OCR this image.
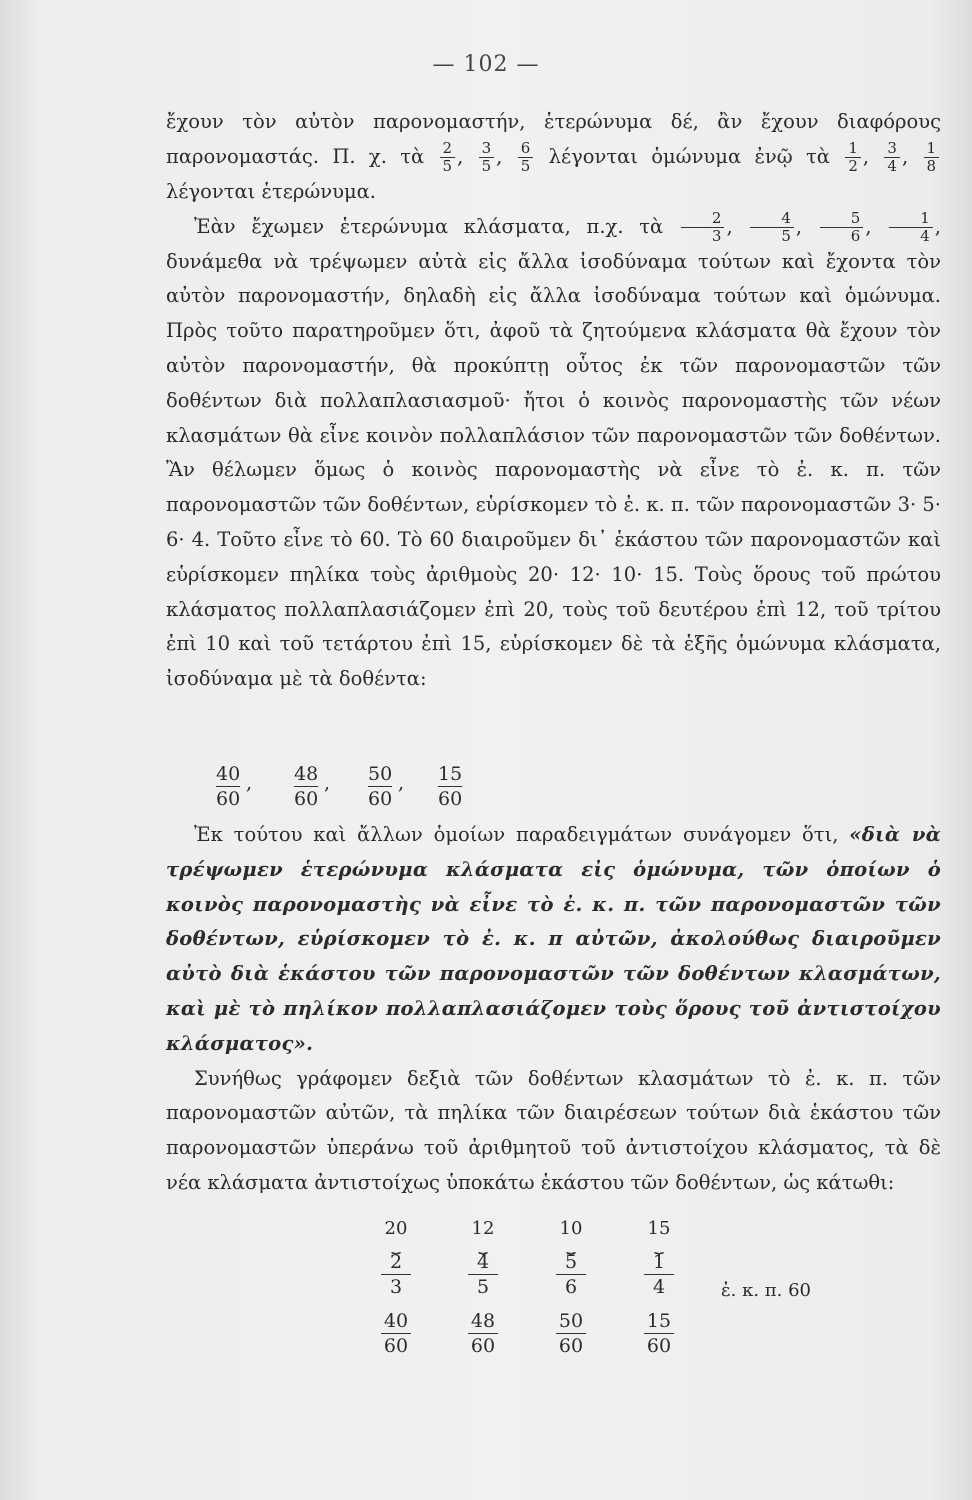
— 102 —

ἔχουν τὸν αὐτὸν παρονομαστήν, ἑτερώνυμα δέ, ἂν ἔχουν διαφόρους παρονομαστάς. Π. χ. τὰ $\frac{2}{5}$ , $\frac{3}{5}$ , $\frac{6}{5}$ λέγονται ὁμώνυμα ἐνῷ τὰ $\frac{1}{2}$ , $\frac{3}{4}$ , $\frac{1}{8}$
λέγονται ἑτερώνυμα.

Ἐὰν ἔχωμεν ἑτερώνυμα κλάσματα, π.χ. τὰ $\frac{2}{3}$ , $\frac{4}{5}$ , $\frac{5}{6}$ , $\frac{1}{4}$ , δυνάμεθα νὰ τρέψωμεν αὐτὰ εἰς ἄλλα ἰσοδύναμα τούτων καὶ ἔχοντα τὸν αὐτὸν παρονομαστήν, δηλαδὴ εἰς ἄλλα ἰσοδύναμα τούτων καὶ ὁμώνυμα. Πρὸς τοῦτο παρατηροῦμεν ὅτι, ἀφοῦ τὰ ζητούμενα κλάσματα θὰ ἔχουν τὸν αὐτὸν παρονομαστήν, θὰ προκύπτῃ οὗτος ἐκ τῶν παρονομαστῶν τῶν δοθέντων διὰ πολλαπλασιασμοῦ· ἤτοι ὁ κοινὸς παρονομαστὴς τῶν νέων κλασμάτων θὰ εἶνε κοινὸν πολλαπλάσιον τῶν παρονομαστῶν τῶν δοθέντων. Ἂν θέλωμεν ὅμως ὁ κοινὸς παρονομαστὴς νὰ εἶνε τὸ ἐ. κ. π. τῶν παρονομαστῶν τῶν δοθέντων, εὑρίσκομεν τὸ ἐ. κ. π. τῶν παρονομαστῶν 3· 5· 6· 4. Τοῦτο εἶνε τὸ 60. Τὸ 60 διαιροῦμεν δι᾽ ἑκάστου τῶν παρονομαστῶν καὶ εὑρίσκομεν πηλίκα τοὺς ἀριθμοὺς 20· 12· 10· 15. Τοὺς ὅρους τοῦ πρώτου κλάσματος πολλαπλασιάζομεν ἐπὶ 20, τοὺς τοῦ δευτέρου ἐπὶ 12, τοῦ τρίτου ἐπὶ 10 καὶ τοῦ τετάρτου ἐπὶ 15, εὑρίσκομεν δὲ τὰ ἑξῆς ὁμώνυμα κλάσματα, ἰσοδύναμα μὲ τὰ δοθέντα:

$\frac{40}{60}$ , $\frac{48}{60}$ , $\frac{50}{60}$ , $\frac{15}{60}$

Ἐκ τούτου καὶ ἄλλων ὁμοίων παραδειγμάτων συνάγομεν ὅτι, «διὰ νὰ τρέψωμεν ἑτερώνυμα κλάσματα εἰς ὁμώνυμα, τῶν ὁποίων ὁ κοινὸς παρονομαστὴς νὰ εἶνε τὸ ἐ. κ. π. τῶν παρονομαστῶν τῶν δοθέντων, εὑρίσκομεν τὸ ἐ. κ. π αὐτῶν, ἀκολούθως διαιροῦμεν αὐτὸ διὰ ἑκάστου τῶν παρονομαστῶν τῶν δοθέντων κλασμάτων, καὶ μὲ τὸ πηλίκον πολλαπλασιάζομεν τοὺς ὅρους τοῦ ἀντιστοίχου κλάσματος».

Συνήθως γράφομεν δεξιὰ τῶν δοθέντων κλασμάτων τὸ ἐ. κ. π. τῶν παρονομαστῶν αὐτῶν, τὰ πηλίκα τῶν διαιρέσεων τούτων διὰ ἑκάστου τῶν παρονομαστῶν ὑπεράνω τοῦ ἀριθμητοῦ τοῦ ἀντιστοίχου κλάσματος, τὰ δὲ νέα κλάσματα ἀντιστοίχως ὑποκάτω ἑκάστου τῶν δοθέντων, ὡς κάτωθι:

20
⏟
2
3
40
60
12
⏟
4
5
48
60
10
⏟
5
6
50
60
15
⏟
1
4
15
60
ἐ. κ. π. 60
